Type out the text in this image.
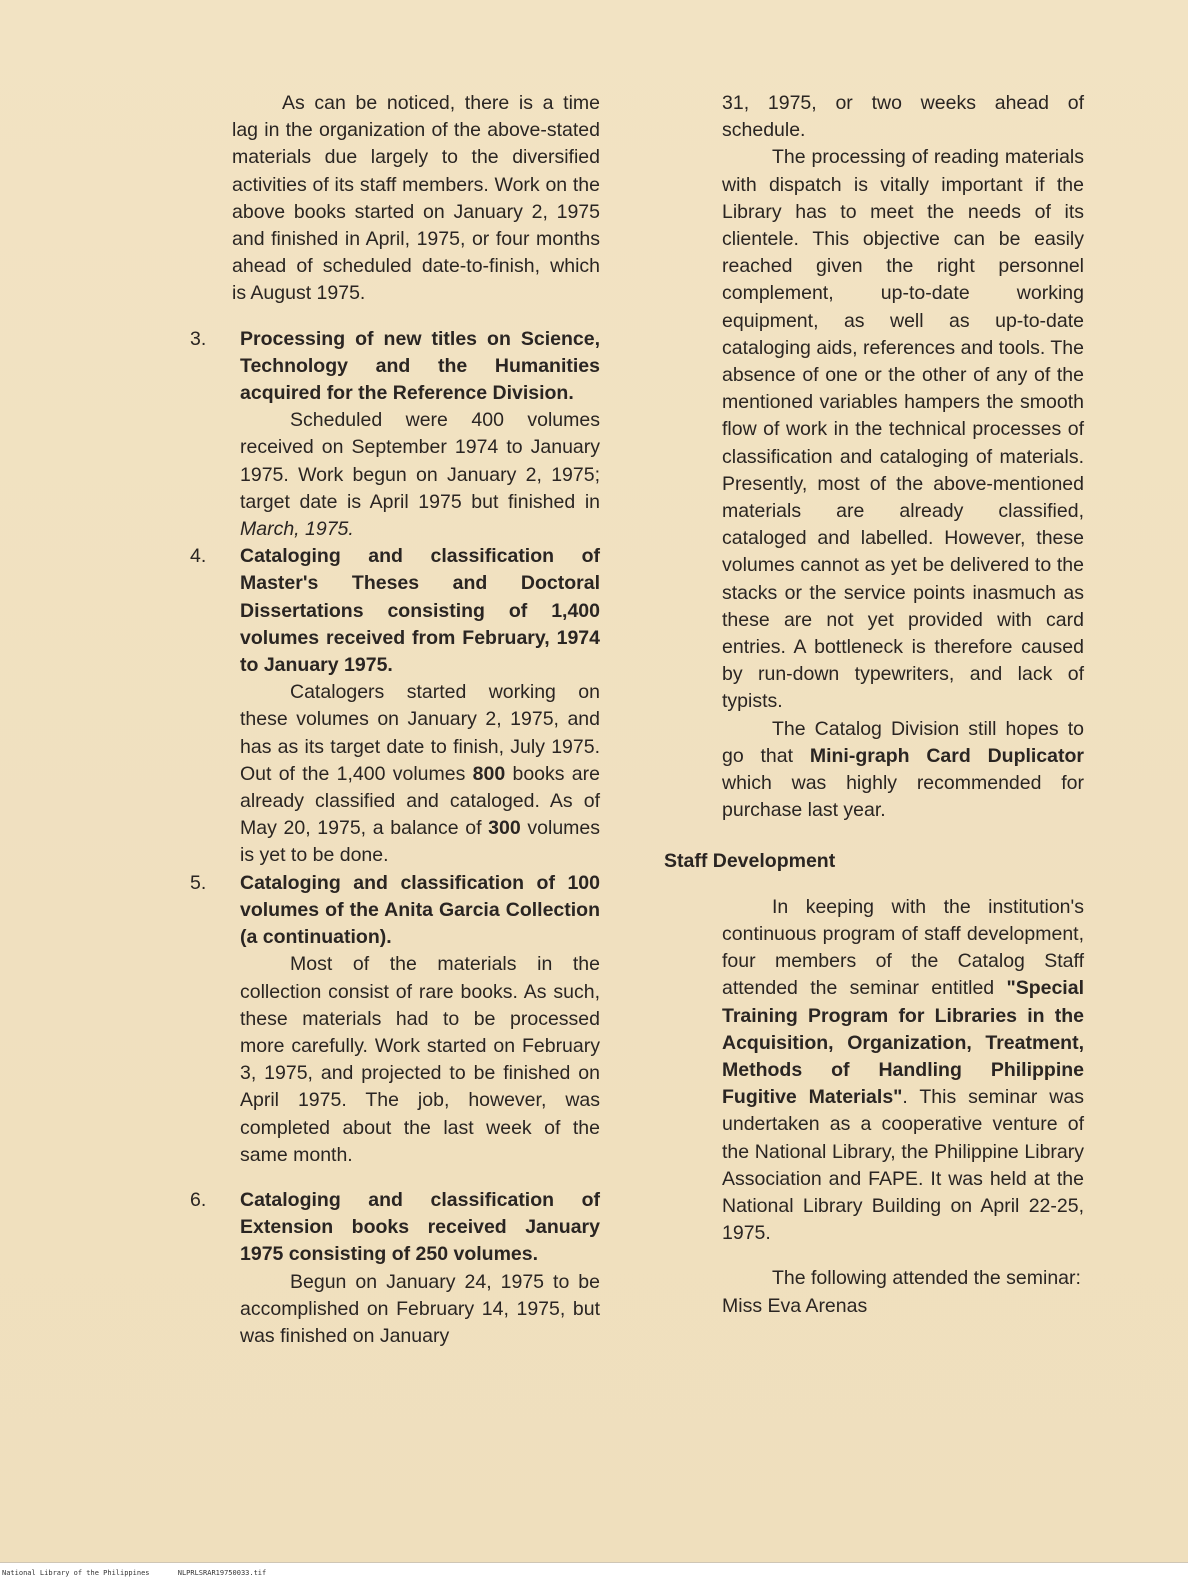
As can be noticed, there is a time lag in the organization of the above-stated materials due largely to the diversified activities of its staff members. Work on the above books started on January 2, 1975 and finished in April, 1975, or four months ahead of scheduled date-to-finish, which is August 1975.

3. Processing of new titles on Science, Technology and the Humanities acquired for the Reference Division.

Scheduled were 400 volumes received on September 1974 to January 1975. Work begun on January 2, 1975; target date is April 1975 but finished in March, 1975.

4. Cataloging and classification of Master's Theses and Doctoral Dissertations consisting of 1,400 volumes received from February, 1974 to January 1975.

Catalogers started working on these volumes on January 2, 1975, and has as its target date to finish, July 1975. Out of the 1,400 volumes 800 books are already classified and cataloged. As of May 20, 1975, a balance of 300 volumes is yet to be done.

5. Cataloging and classification of 100 volumes of the Anita Garcia Collection (a continuation).

Most of the materials in the collection consist of rare books. As such, these materials had to be processed more carefully. Work started on February 3, 1975, and projected to be finished on April 1975. The job, however, was completed about the last week of the same month.

6. Cataloging and classification of Extension books received January 1975 consisting of 250 volumes.

Begun on January 24, 1975 to be accomplished on February 14, 1975, but was finished on January

31, 1975, or two weeks ahead of schedule.

The processing of reading materials with dispatch is vitally important if the Library has to meet the needs of its clientele. This objective can be easily reached given the right personnel complement, up-to-date working equipment, as well as up-to-date cataloging aids, references and tools. The absence of one or the other of any of the mentioned variables hampers the smooth flow of work in the technical processes of classification and cataloging of materials. Presently, most of the above-mentioned materials are already classified, cataloged and labelled. However, these volumes cannot as yet be delivered to the stacks or the service points inasmuch as these are not yet provided with card entries. A bottleneck is therefore caused by run-down typewriters, and lack of typists.

The Catalog Division still hopes to go that Mini-graph Card Duplicator which was highly recommended for purchase last year.

Staff Development

In keeping with the institution's continuous program of staff development, four members of the Catalog Staff attended the seminar entitled "Special Training Program for Libraries in the Acquisition, Organization, Treatment, Methods of Handling Philippine Fugitive Materials". This seminar was undertaken as a cooperative venture of the National Library, the Philippine Library Association and FAPE. It was held at the National Library Building on April 22-25, 1975.

The following attended the seminar:

Miss Eva Arenas

National Library of the Philippines	NLPRLSRAR19750033.tif
